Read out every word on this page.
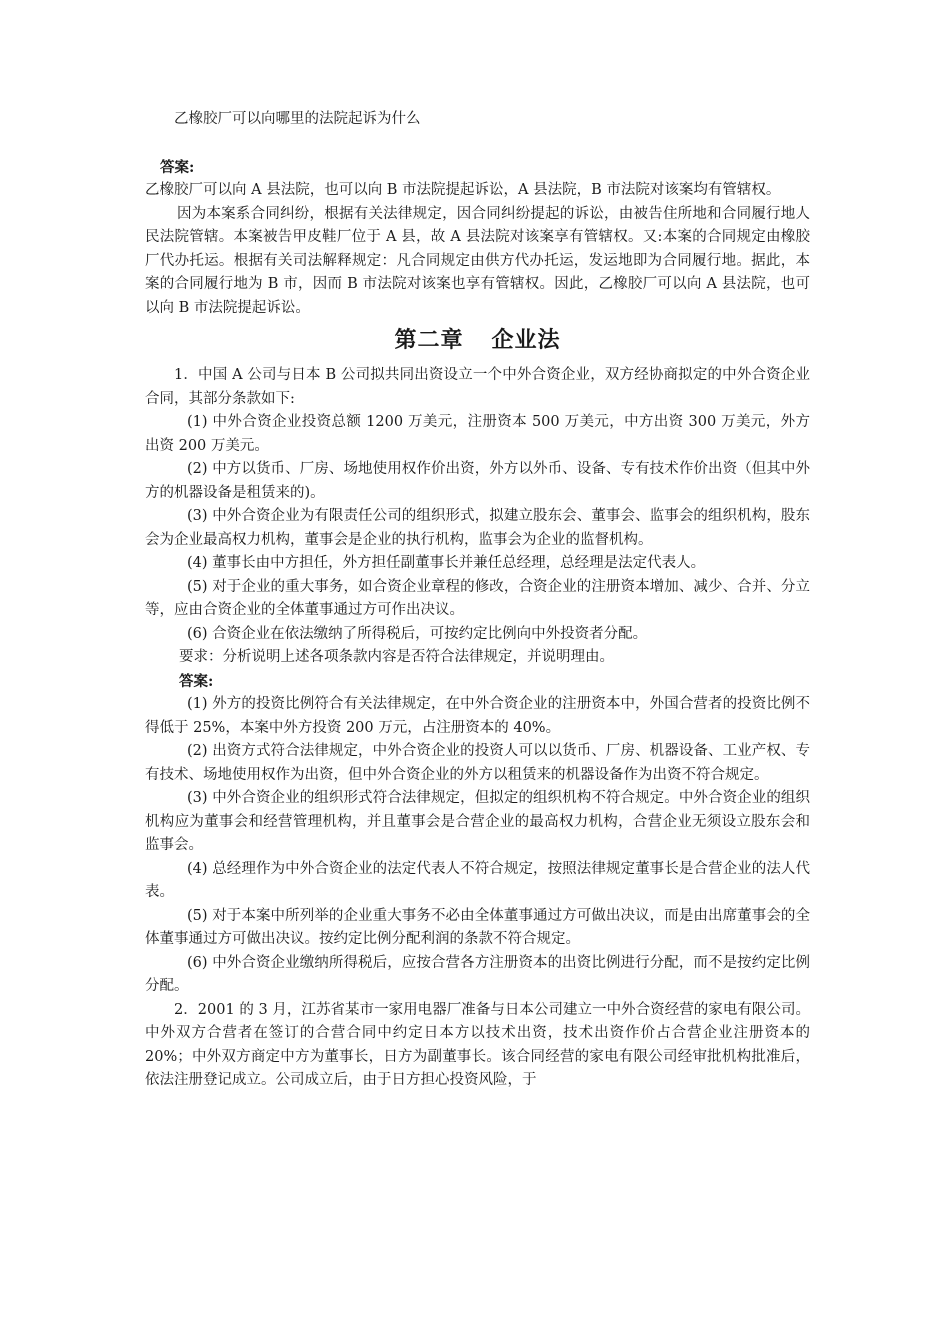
乙橡胶厂可以向哪里的法院起诉为什么

答案:

乙橡胶厂可以向 A 县法院，也可以向 B 市法院提起诉讼，A 县法院，B 市法院对该案均有管辖权。

因为本案系合同纠纷，根据有关法律规定，因合同纠纷提起的诉讼，由被告住所地和合同履行地人民法院管辖。本案被告甲皮鞋厂位于 A 县，故 A 县法院对该案享有管辖权。又:本案的合同规定由橡胶厂代办托运。根据有关司法解释规定：凡合同规定由供方代办托运，发运地即为合同履行地。据此，本案的合同履行地为 B 市，因而 B 市法院对该案也享有管辖权。因此，乙橡胶厂可以向 A 县法院，也可以向 B 市法院提起诉讼。

第二章 企业法

1．中国 A 公司与日本 B 公司拟共同出资设立一个中外合资企业，双方经协商拟定的中外合资企业合同，其部分条款如下:

(1) 中外合资企业投资总额 1200 万美元，注册资本 500 万美元，中方出资 300 万美元，外方出资 200 万美元。

(2) 中方以货币、厂房、场地使用权作价出资，外方以外币、设备、专有技术作价出资（但其中外方的机器设备是租赁来的)。

(3) 中外合资企业为有限责任公司的组织形式，拟建立股东会、董事会、监事会的组织机构，股东会为企业最高权力机构，董事会是企业的执行机构，监事会为企业的监督机构。

(4) 董事长由中方担任，外方担任副董事长并兼任总经理，总经理是法定代表人。

(5) 对于企业的重大事务，如合资企业章程的修改，合资企业的注册资本增加、减少、合并、分立等，应由合资企业的全体董事通过方可作出决议。

(6) 合资企业在依法缴纳了所得税后，可按约定比例向中外投资者分配。

要求：分析说明上述各项条款内容是否符合法律规定，并说明理由。

答案:

(1) 外方的投资比例符合有关法律规定，在中外合资企业的注册资本中，外国合营者的投资比例不得低于 25%，本案中外方投资 200 万元，占注册资本的 40%。

(2) 出资方式符合法律规定，中外合资企业的投资人可以以货币、厂房、机器设备、工业产权、专有技术、场地使用权作为出资，但中外合资企业的外方以租赁来的机器设备作为出资不符合规定。

(3) 中外合资企业的组织形式符合法律规定，但拟定的组织机构不符合规定。中外合资企业的组织机构应为董事会和经营管理机构，并且董事会是合营企业的最高权力机构，合营企业无须设立股东会和监事会。

(4) 总经理作为中外合资企业的法定代表人不符合规定，按照法律规定董事长是合营企业的法人代表。

(5) 对于本案中所列举的企业重大事务不必由全体董事通过方可做出决议，而是由出席董事会的全体董事通过方可做出决议。按约定比例分配利润的条款不符合规定。

(6) 中外合资企业缴纳所得税后，应按合营各方注册资本的出资比例进行分配，而不是按约定比例分配。

2．2001 的 3 月，江苏省某市一家用电器厂准备与日本公司建立一中外合资经营的家电有限公司。中外双方合营者在签订的合营合同中约定日本方以技术出资，技术出资作价占合营企业注册资本的 20%；中外双方商定中方为董事长，日方为副董事长。该合同经营的家电有限公司经审批机构批准后，依法注册登记成立。公司成立后，由于日方担心投资风险，于
